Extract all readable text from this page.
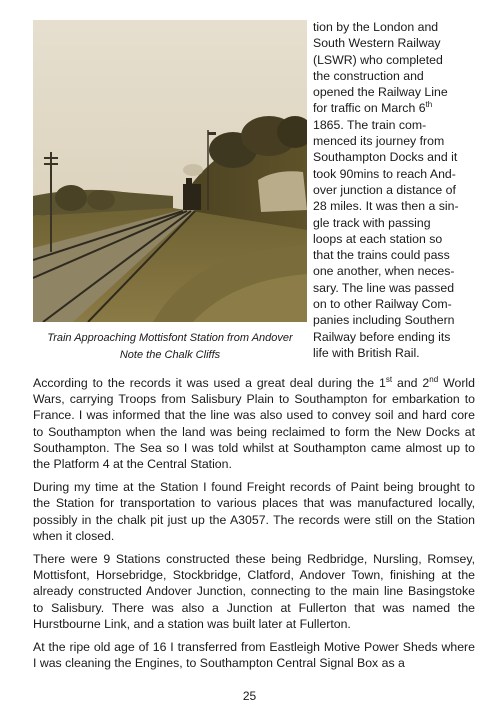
Train Approaching Mottisfont Station from Andover
Note the Chalk Cliffs
tion by the London and
South Western Railway
(LSWR) who completed
the construction and
opened the Railway Line
for traffic on March 6th
1865. The train com-
menced its journey from
Southampton Docks and it
took 90mins to reach And-
over junction a distance of
28 miles. It was then a sin-
gle track with passing
loops at each station so
that the trains could pass
one another, when neces-
sary. The line was passed
on to other Railway Com-
panies including Southern
Railway before ending its
life with British Rail.

According to the records it was used a great deal during the 1st and 2nd World Wars, carrying Troops from Salisbury Plain to Southampton for embarkation to France. I was informed that the line was also used to convey soil and hard core to Southampton when the land was being reclaimed to form the New Docks at Southampton. The Sea so I was told whilst at Southampton came almost up to the Platform 4 at the Central Station.

During my time at the Station I found Freight records of Paint being brought to the Station for transportation to various places that was manufactured locally, possibly in the chalk pit just up the A3057. The records were still on the Station when it closed.

There were 9 Stations constructed these being Redbridge, Nursling, Romsey, Mottisfont, Horsebridge, Stockbridge, Clatford, Andover Town, finishing at the already constructed Andover Junction, connecting to the main line Basingstoke to Salisbury. There was also a Junction at Fullerton that was named the Hurstbourne Link, and a station was built later at Fullerton.

At the ripe old age of 16 I transferred from Eastleigh Motive Power Sheds where I was cleaning the Engines, to Southampton Central Signal Box as a

25
